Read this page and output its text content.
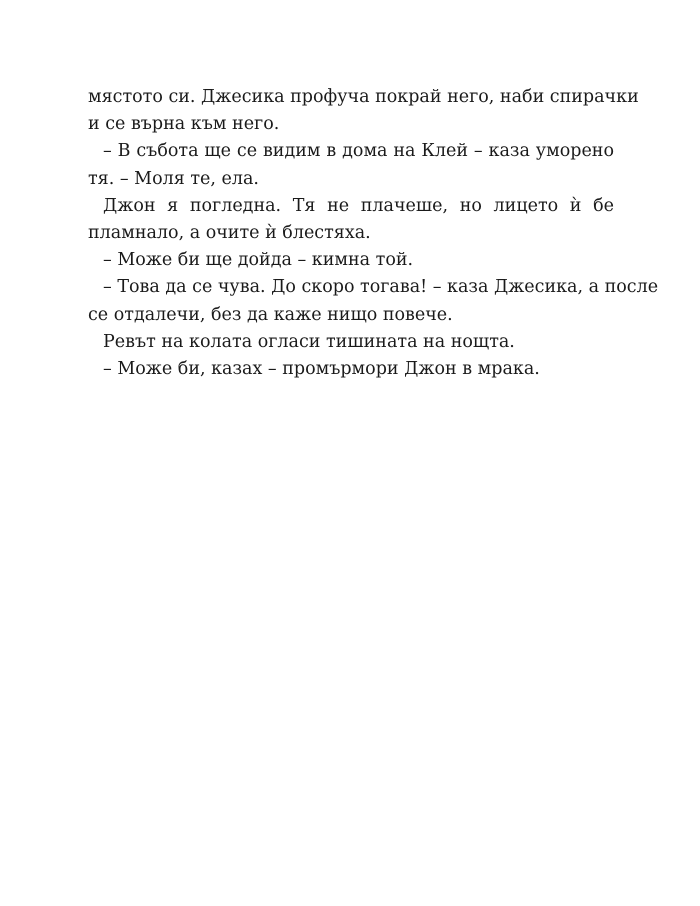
мястото си. Джесика профуча покрай него, наби спирачки
и се върна към него.

– В събота ще се видим в дома на Клей – каза уморено
тя. – Моля те, ела.

Джон я погледна. Тя не плачеше, но лицето ѝ бе
пламнало, а очите ѝ блестяха.

– Може би ще дойда – кимна той.

– Това да се чува. До скоро тогава! – каза Джесика, а после
се отдалечи, без да каже нищо повече.

Ревът на колата огласи тишината на нощта.

– Може би, казах – промърмори Джон в мрака.
